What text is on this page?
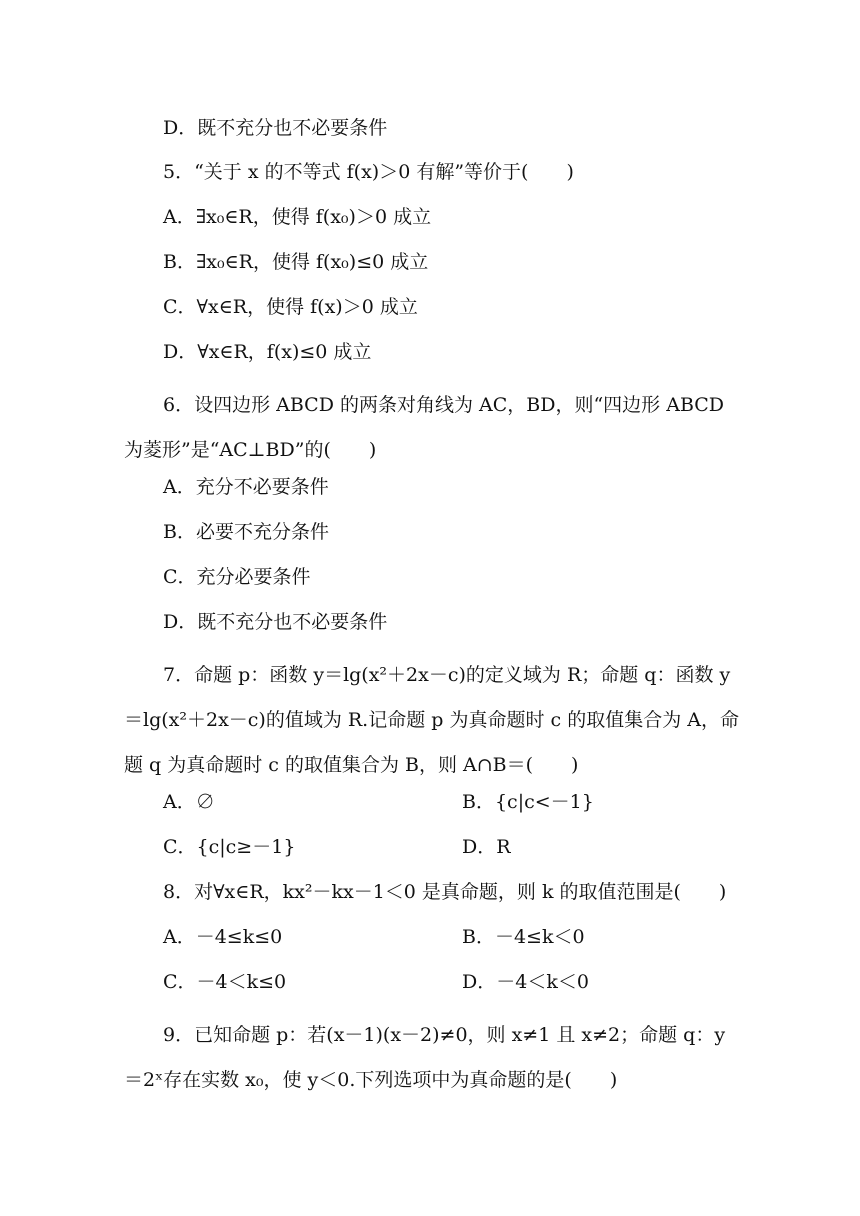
D．既不充分也不必要条件
5．“关于 x 的不等式 f(x)＞0 有解”等价于(　　)
A．∃x₀∈R，使得 f(x₀)＞0 成立
B．∃x₀∈R，使得 f(x₀)≤0 成立
C．∀x∈R，使得 f(x)＞0 成立
D．∀x∈R，f(x)≤0 成立
6．设四边形 ABCD 的两条对角线为 AC，BD，则“四边形 ABCD 为菱形”是“AC⊥BD”的(　　)
A．充分不必要条件
B．必要不充分条件
C．充分必要条件
D．既不充分也不必要条件
7．命题 p：函数 y＝lg(x²＋2x－c)的定义域为 R；命题 q：函数 y＝lg(x²＋2x－c)的值域为 R.记命题 p 为真命题时 c 的取值集合为 A，命题 q 为真命题时 c 的取值集合为 B，则 A∩B＝(　　)
A．∅	B．{c|c<－1}
C．{c|c≥－1}	D．R
8．对∀x∈R，kx²－kx－1＜0 是真命题，则 k 的取值范围是(　　)
A．－4≤k≤0	B．－4≤k＜0
C．－4＜k≤0	D．－4＜k＜0
9．已知命题 p：若(x－1)(x－2)≠0，则 x≠1 且 x≠2；命题 q：y＝2ˣ存在实数 x₀，使 y＜0.下列选项中为真命题的是(　　)
